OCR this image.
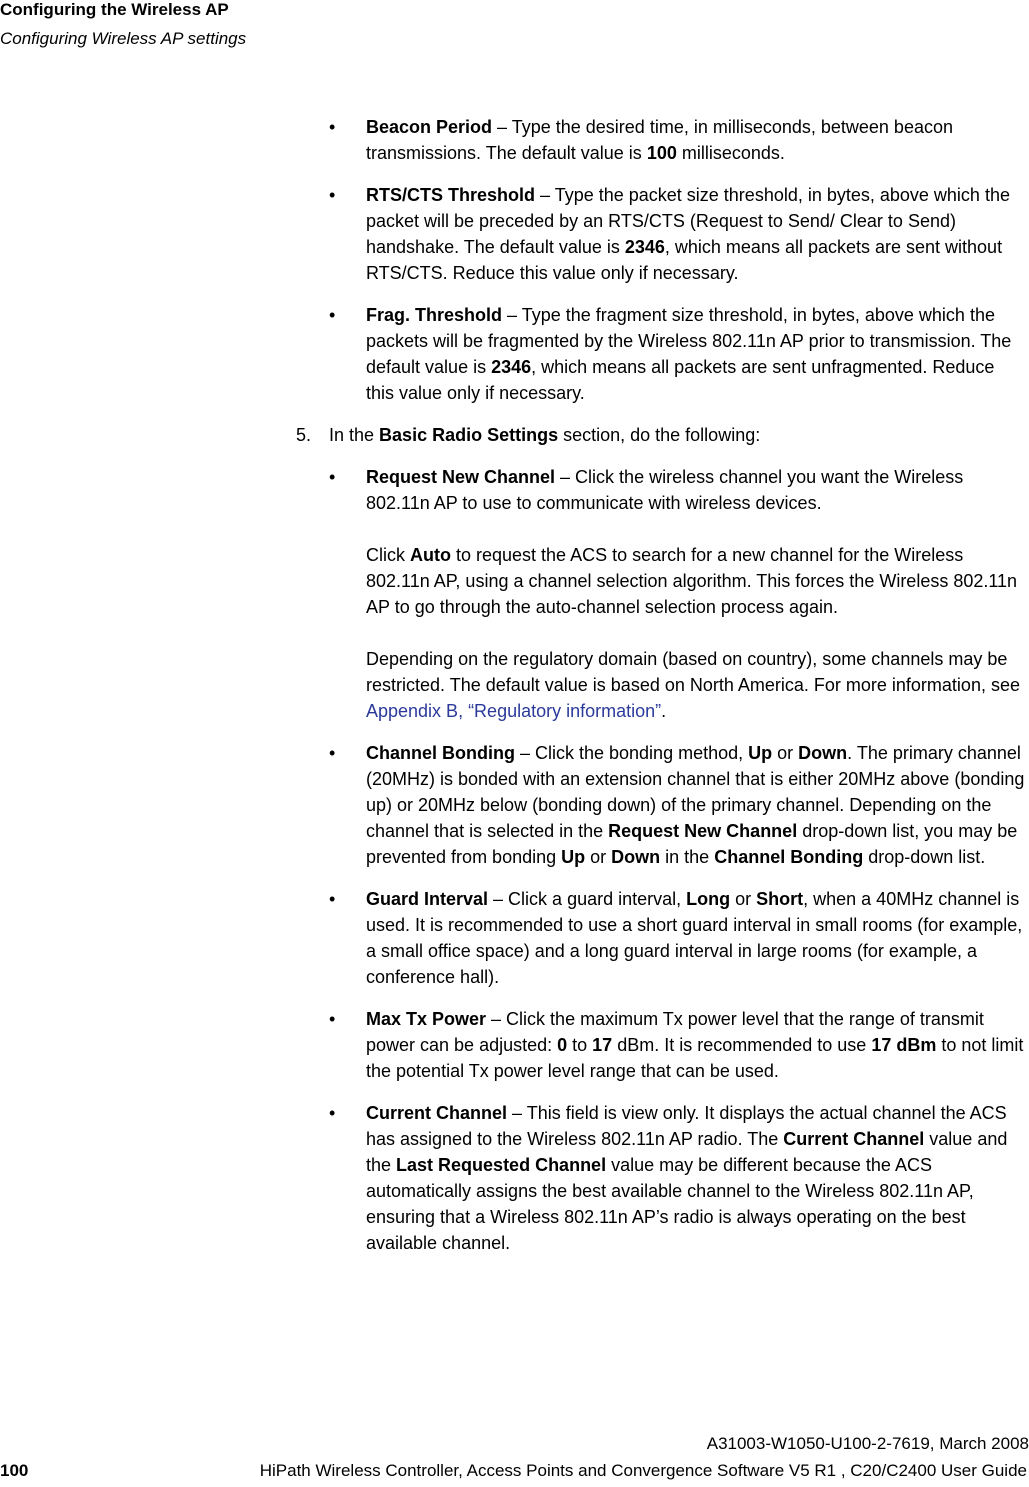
Configuring the Wireless AP
Configuring Wireless AP settings
• Beacon Period – Type the desired time, in milliseconds, between beacon transmissions. The default value is 100 milliseconds.

• RTS/CTS Threshold – Type the packet size threshold, in bytes, above which the packet will be preceded by an RTS/CTS (Request to Send/ Clear to Send) handshake. The default value is 2346, which means all packets are sent without RTS/CTS. Reduce this value only if necessary.

• Frag. Threshold – Type the fragment size threshold, in bytes, above which the packets will be fragmented by the Wireless 802.11n AP prior to transmission. The default value is 2346, which means all packets are sent unfragmented. Reduce this value only if necessary.

5. In the Basic Radio Settings section, do the following:
• Request New Channel – Click the wireless channel you want the Wireless 802.11n AP to use to communicate with wireless devices.

Click Auto to request the ACS to search for a new channel for the Wireless 802.11n AP, using a channel selection algorithm. This forces the Wireless 802.11n AP to go through the auto-channel selection process again.

Depending on the regulatory domain (based on country), some channels may be restricted. The default value is based on North America. For more information, see Appendix B, “Regulatory information”.

• Channel Bonding – Click the bonding method, Up or Down. The primary channel (20MHz) is bonded with an extension channel that is either 20MHz above (bonding up) or 20MHz below (bonding down) of the primary channel. Depending on the channel that is selected in the Request New Channel drop-down list, you may be prevented from bonding Up or Down in the Channel Bonding drop-down list.

• Guard Interval – Click a guard interval, Long or Short, when a 40MHz channel is used. It is recommended to use a short guard interval in small rooms (for example, a small office space) and a long guard interval in large rooms (for example, a conference hall).

• Max Tx Power – Click the maximum Tx power level that the range of transmit power can be adjusted: 0 to 17 dBm. It is recommended to use 17 dBm to not limit the potential Tx power level range that can be used.

• Current Channel – This field is view only. It displays the actual channel the ACS has assigned to the Wireless 802.11n AP radio. The Current Channel value and the Last Requested Channel value may be different because the ACS automatically assigns the best available channel to the Wireless 802.11n AP, ensuring that a Wireless 802.11n AP’s radio is always operating on the best available channel.

A31003-W1050-U100-2-7619, March 2008
100	HiPath Wireless Controller, Access Points and Convergence Software V5 R1 , C20/C2400 User Guide
